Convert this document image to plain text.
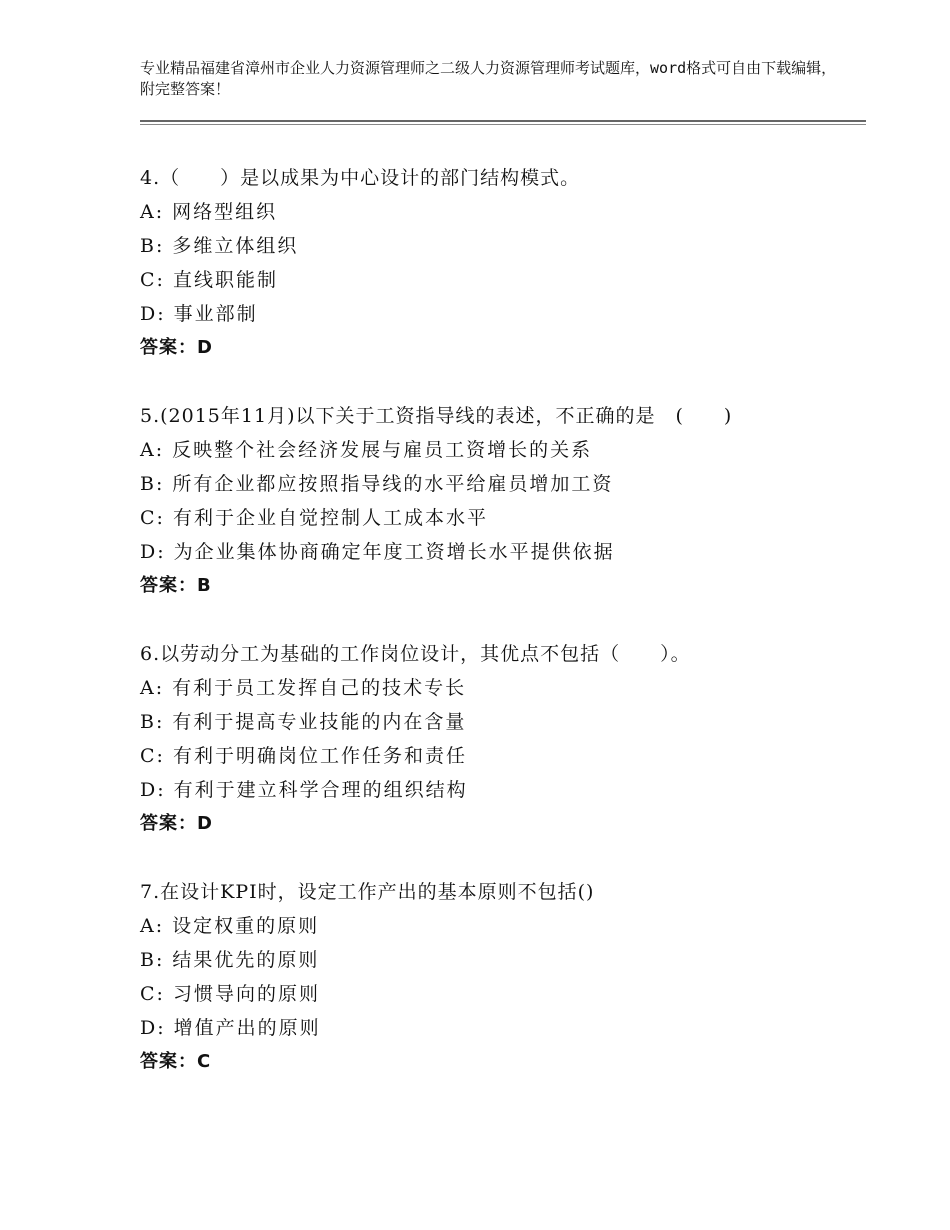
专业精品福建省漳州市企业人力资源管理师之二级人力资源管理师考试题库，word格式可自由下载编辑，附完整答案！
4.（　　）是以成果为中心设计的部门结构模式。
A: 网络型组织
B: 多维立体组织
C: 直线职能制
D: 事业部制
答案：D
5.(2015年11月)以下关于工资指导线的表述，不正确的是　(　　)
A: 反映整个社会经济发展与雇员工资增长的关系
B: 所有企业都应按照指导线的水平给雇员增加工资
C: 有利于企业自觉控制人工成本水平
D: 为企业集体协商确定年度工资增长水平提供依据
答案：B
6.以劳动分工为基础的工作岗位设计，其优点不包括（　　）。
A: 有利于员工发挥自己的技术专长
B: 有利于提高专业技能的内在含量
C: 有利于明确岗位工作任务和责任
D: 有利于建立科学合理的组织结构
答案：D
7.在设计KPI时，设定工作产出的基本原则不包括()
A: 设定权重的原则
B: 结果优先的原则
C: 习惯导向的原则
D: 增值产出的原则
答案：C
